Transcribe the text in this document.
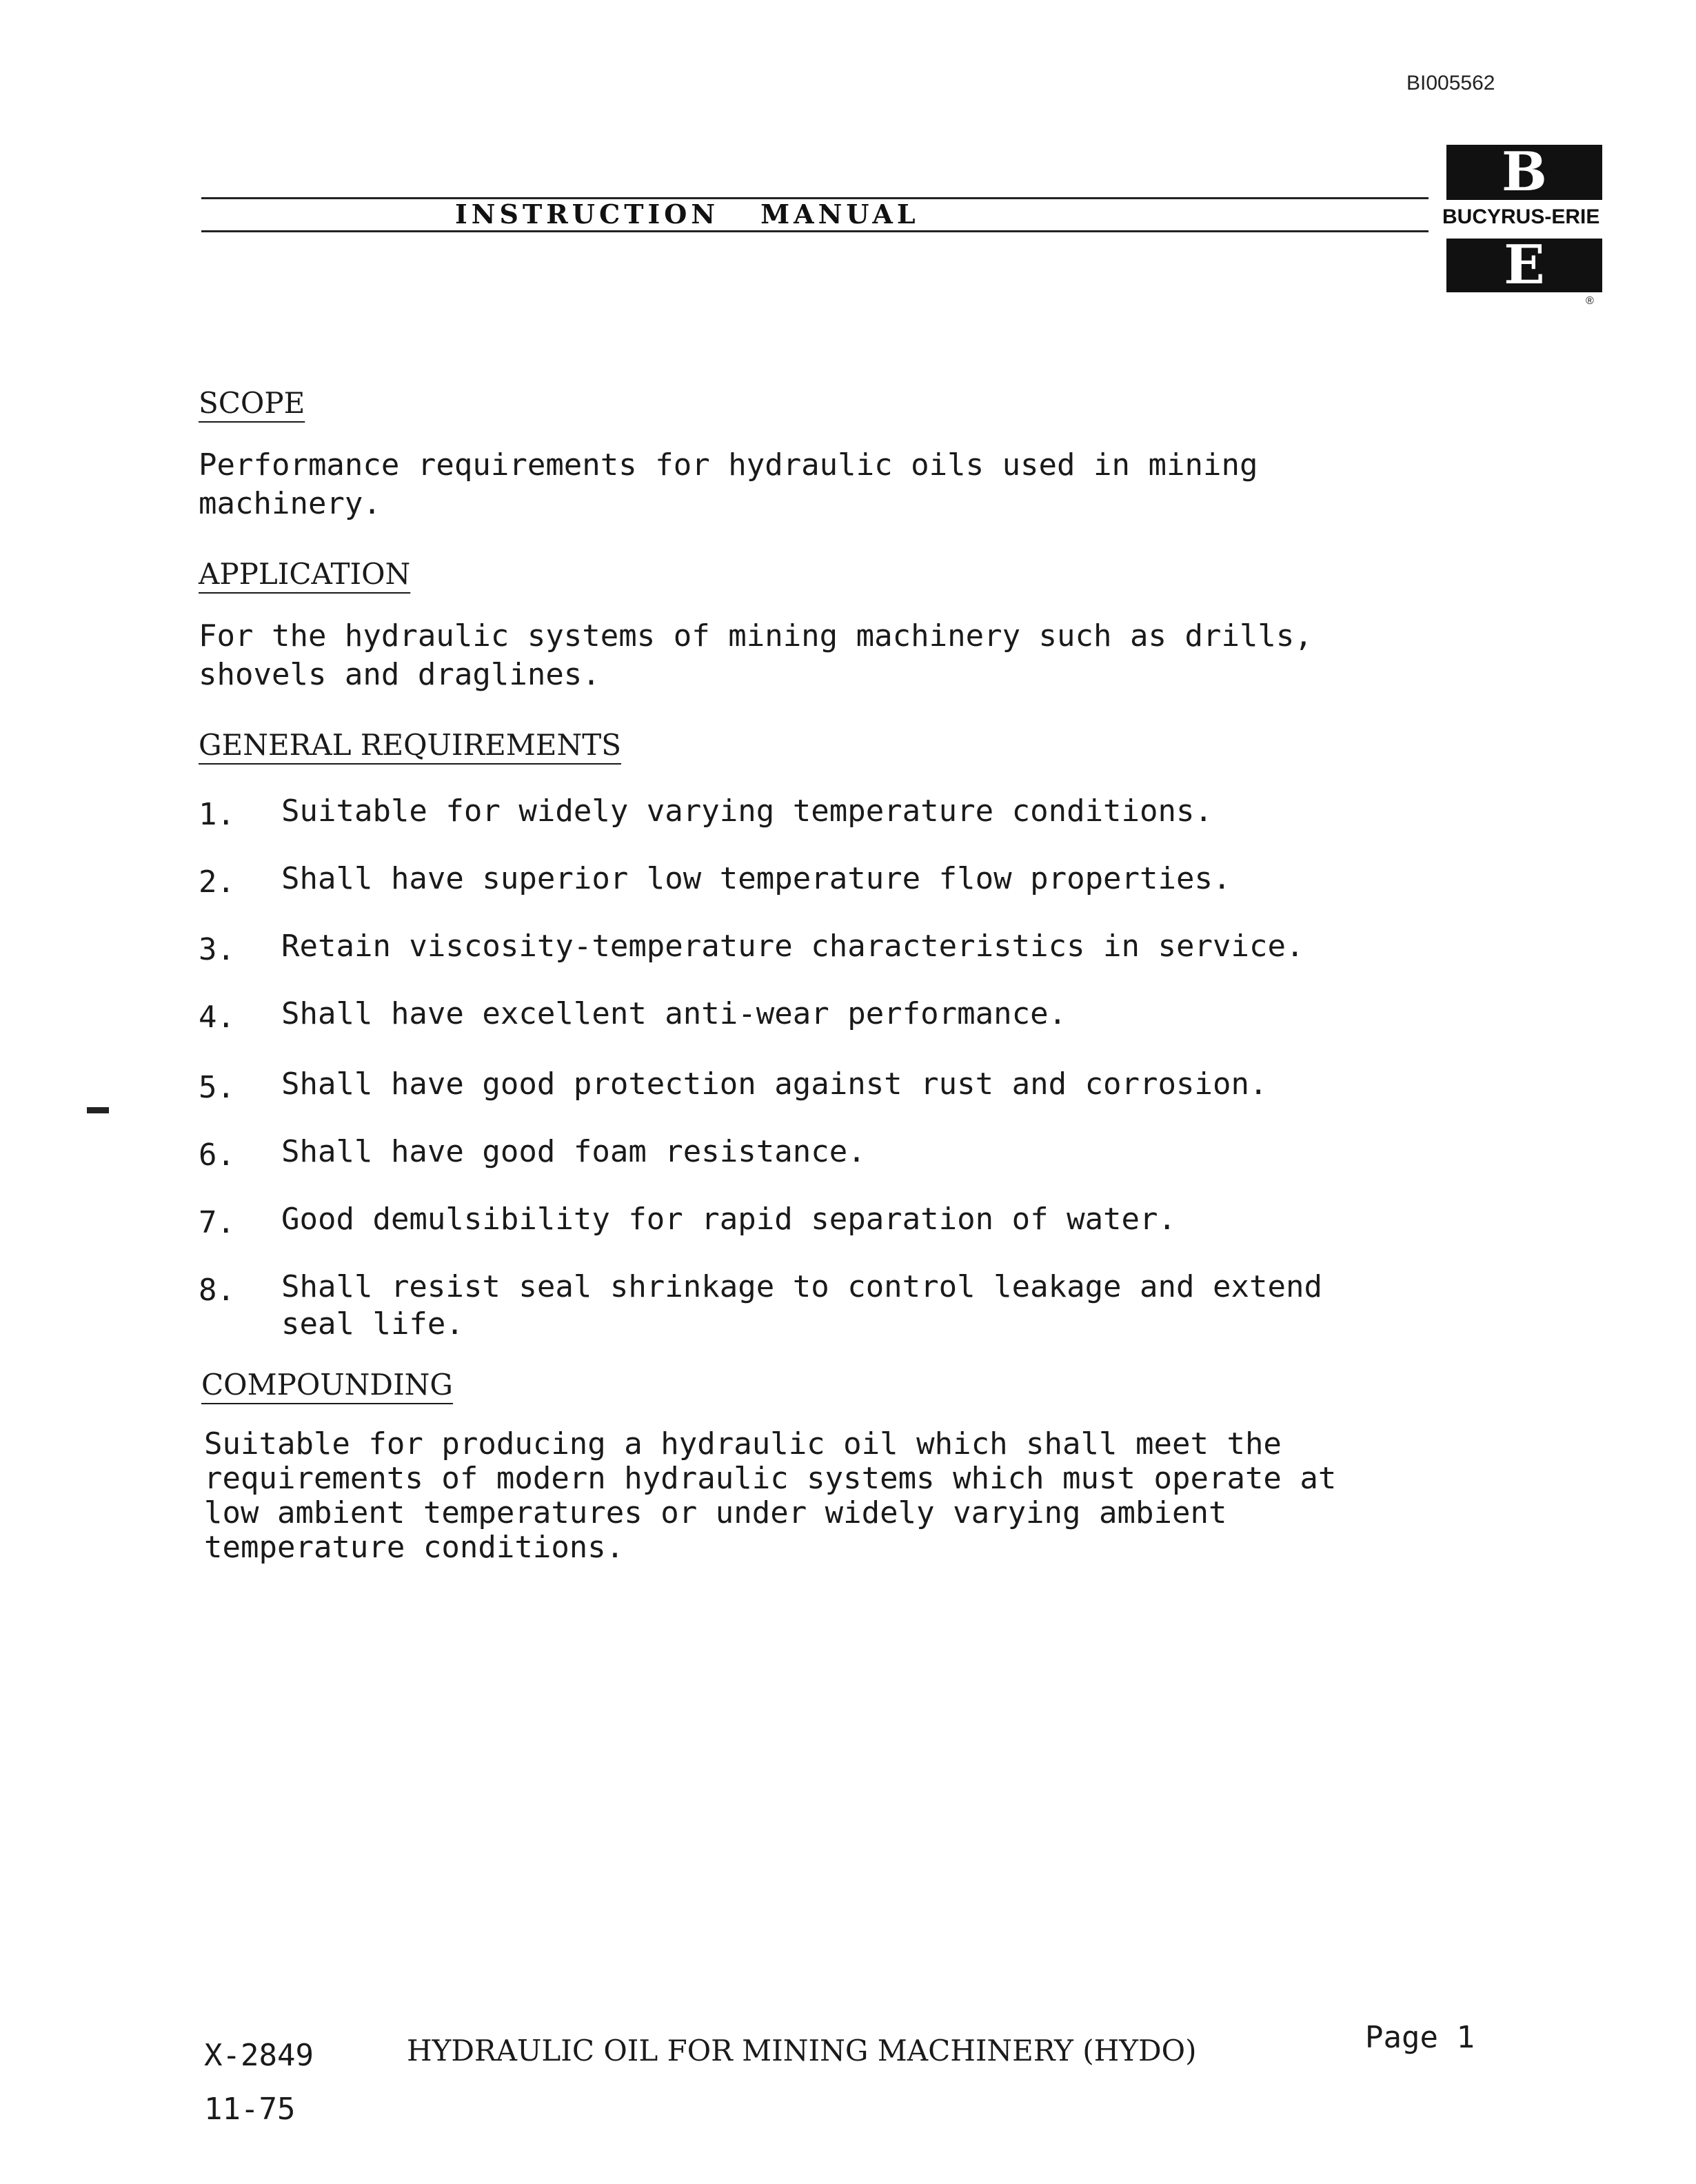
BI005562
INSTRUCTION MANUAL
B
BUCYRUS-ERIE
E
®
SCOPE
Performance requirements for hydraulic oils used in mining
machinery.
APPLICATION
For the hydraulic systems of mining machinery such as drills,
shovels and draglines.
GENERAL REQUIREMENTS
1. Suitable for widely varying temperature conditions.
2. Shall have superior low temperature flow properties.
3. Retain viscosity-temperature characteristics in service.
4. Shall have excellent anti-wear performance.
5. Shall have good protection against rust and corrosion.
6. Shall have good foam resistance.
7. Good demulsibility for rapid separation of water.
8. Shall resist seal shrinkage to control leakage and extend
seal life.
COMPOUNDING
Suitable for producing a hydraulic oil which shall meet the
requirements of modern hydraulic systems which must operate at
low ambient temperatures or under widely varying ambient
temperature conditions.
X-2849	HYDRAULIC OIL FOR MINING MACHINERY (HYDO)	Page 1
11-75
